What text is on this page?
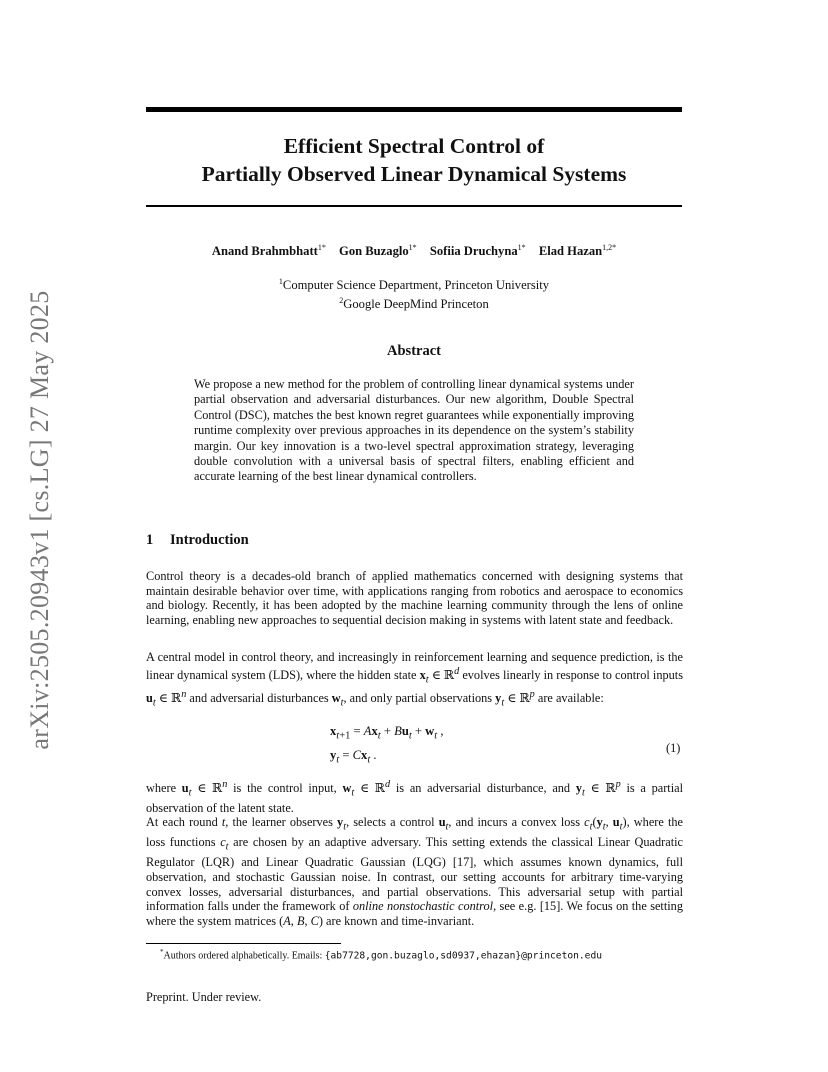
arXiv:2505.20943v1 [cs.LG] 27 May 2025
Efficient Spectral Control of
Partially Observed Linear Dynamical Systems

Anand Brahmbhatt$^{1*}$ Gon Buzaglo$^{1*}$ Sofiia Druchyna$^{1*}$ Elad Hazan$^{1,2*}$

$^1$Computer Science Department, Princeton University
$^2$Google DeepMind Princeton

Abstract

We propose a new method for the problem of controlling linear dynamical systems under partial observation and adversarial disturbances. Our new algorithm, Double Spectral Control (DSC), matches the best known regret guarantees while exponentially improving runtime complexity over previous approaches in its dependence on the system’s stability margin. Our key innovation is a two-level spectral approximation strategy, leveraging double convolution with a universal basis of spectral filters, enabling efficient and accurate learning of the best linear dynamical controllers.

1 Introduction

Control theory is a decades-old branch of applied mathematics concerned with designing systems that maintain desirable behavior over time, with applications ranging from robotics and aerospace to economics and biology. Recently, it has been adopted by the machine learning community through the lens of online learning, enabling new approaches to sequential decision making in systems with latent state and feedback.

A central model in control theory, and increasingly in reinforcement learning and sequence prediction, is the linear dynamical system (LDS), where the hidden state $x_t$ ∈ ℝ$^d$ evolves linearly in response to control inputs $u_t$ ∈ ℝ$^n$ and adversarial disturbances $w_t$, and only partial observations $y_t$ ∈ ℝ$^p$ are available:

$x_{t+1} = Ax_t + Bu_t + w_t$ ,
$y_t = Cx_t$ .	(1)

where $u_t$ ∈ ℝ$^n$ is the control input, $w_t$ ∈ ℝ$^d$ is an adversarial disturbance, and $y_t$ ∈ ℝ$^p$ is a partial observation of the latent state.

At each round t, the learner observes $y_t$, selects a control $u_t$, and incurs a convex loss $c_t(y_t$, $u_t$), where the loss functions $c_t$ are chosen by an adaptive adversary. This setting extends the classical Linear Quadratic Regulator (LQR) and Linear Quadratic Gaussian (LQG) [17], which assumes known dynamics, full observation, and stochastic Gaussian noise. In contrast, our setting accounts for arbitrary time-varying convex losses, adversarial disturbances, and partial observations. This adversarial setup with partial information falls under the framework of online nonstochastic control, see e.g. [15]. We focus on the setting where the system matrices (A, B, C) are known and time-invariant.

*Authors ordered alphabetically. Emails: {ab7728,gon.buzaglo,sd0937,ehazan}@princeton.edu

Preprint. Under review.
